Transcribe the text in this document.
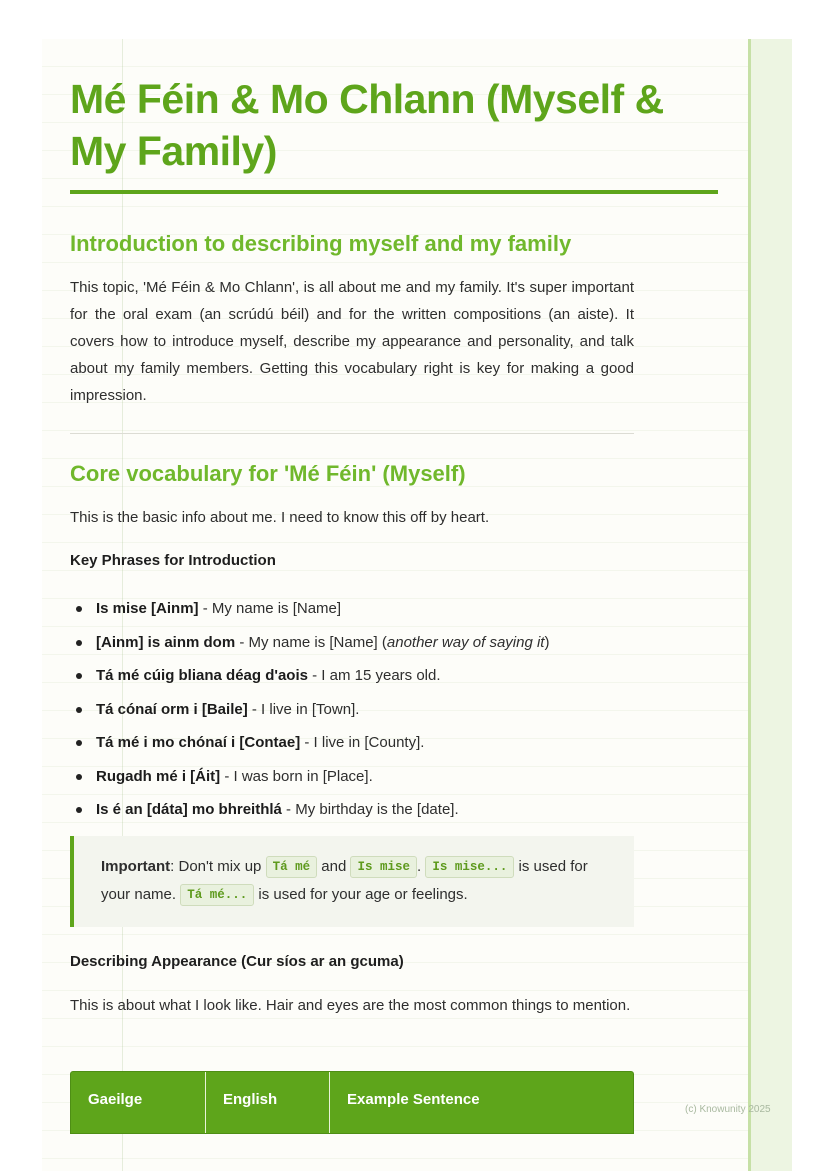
Mé Féin & Mo Chlann (Myself & My Family)
Introduction to describing myself and my family

This topic, 'Mé Féin & Mo Chlann', is all about me and my family. It's super important for the oral exam (an scrúdú béil) and for the written compositions (an aiste). It covers how to introduce myself, describe my appearance and personality, and talk about my family members. Getting this vocabulary right is key for making a good impression.

Core vocabulary for 'Mé Féin' (Myself)

This is the basic info about me. I need to know this off by heart.

Key Phrases for Introduction
Is mise [Ainm] - My name is [Name]
[Ainm] is ainm dom - My name is [Name] (another way of saying it)
Tá mé cúig bliana déag d'aois - I am 15 years old.
Tá cónaí orm i [Baile] - I live in [Town].
Tá mé i mo chónaí i [Contae] - I live in [County].
Rugadh mé i [Áit] - I was born in [Place].
Is é an [dáta] mo bhreithlá - My birthday is the [date].
Important: Don't mix up Tá mé and Is mise . Is mise... is used for your name. Tá mé... is used for your age or feelings.
Describing Appearance (Cur síos ar an gcuma)

This is about what I look like. Hair and eyes are the most common things to mention.

Gaeilge	English	Example Sentence
(c) Knowunity 2025
